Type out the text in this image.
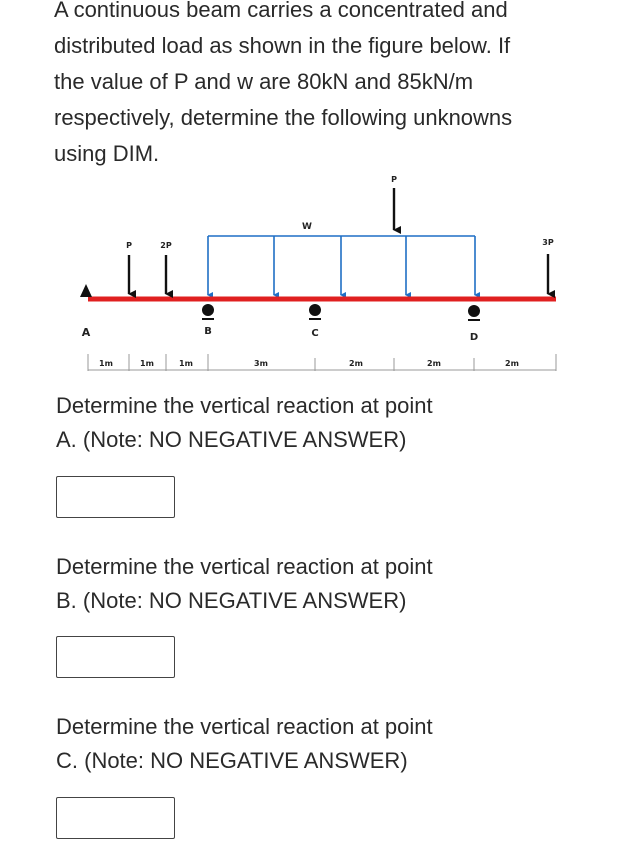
A continuous beam carries a concentrated and
distributed load as shown in the figure below. If
the value of P and w are 80kN and 85kN/m
respectively, determine the following unknowns
using DIM.
P	2P
W
P
3P
A	B	C	D
1m	1m	1m	3m	2m	2m	2m
Determine the vertical reaction at point
A. (Note: NO NEGATIVE ANSWER)
Determine the vertical reaction at point
B. (Note: NO NEGATIVE ANSWER)
Determine the vertical reaction at point
C. (Note: NO NEGATIVE ANSWER)
